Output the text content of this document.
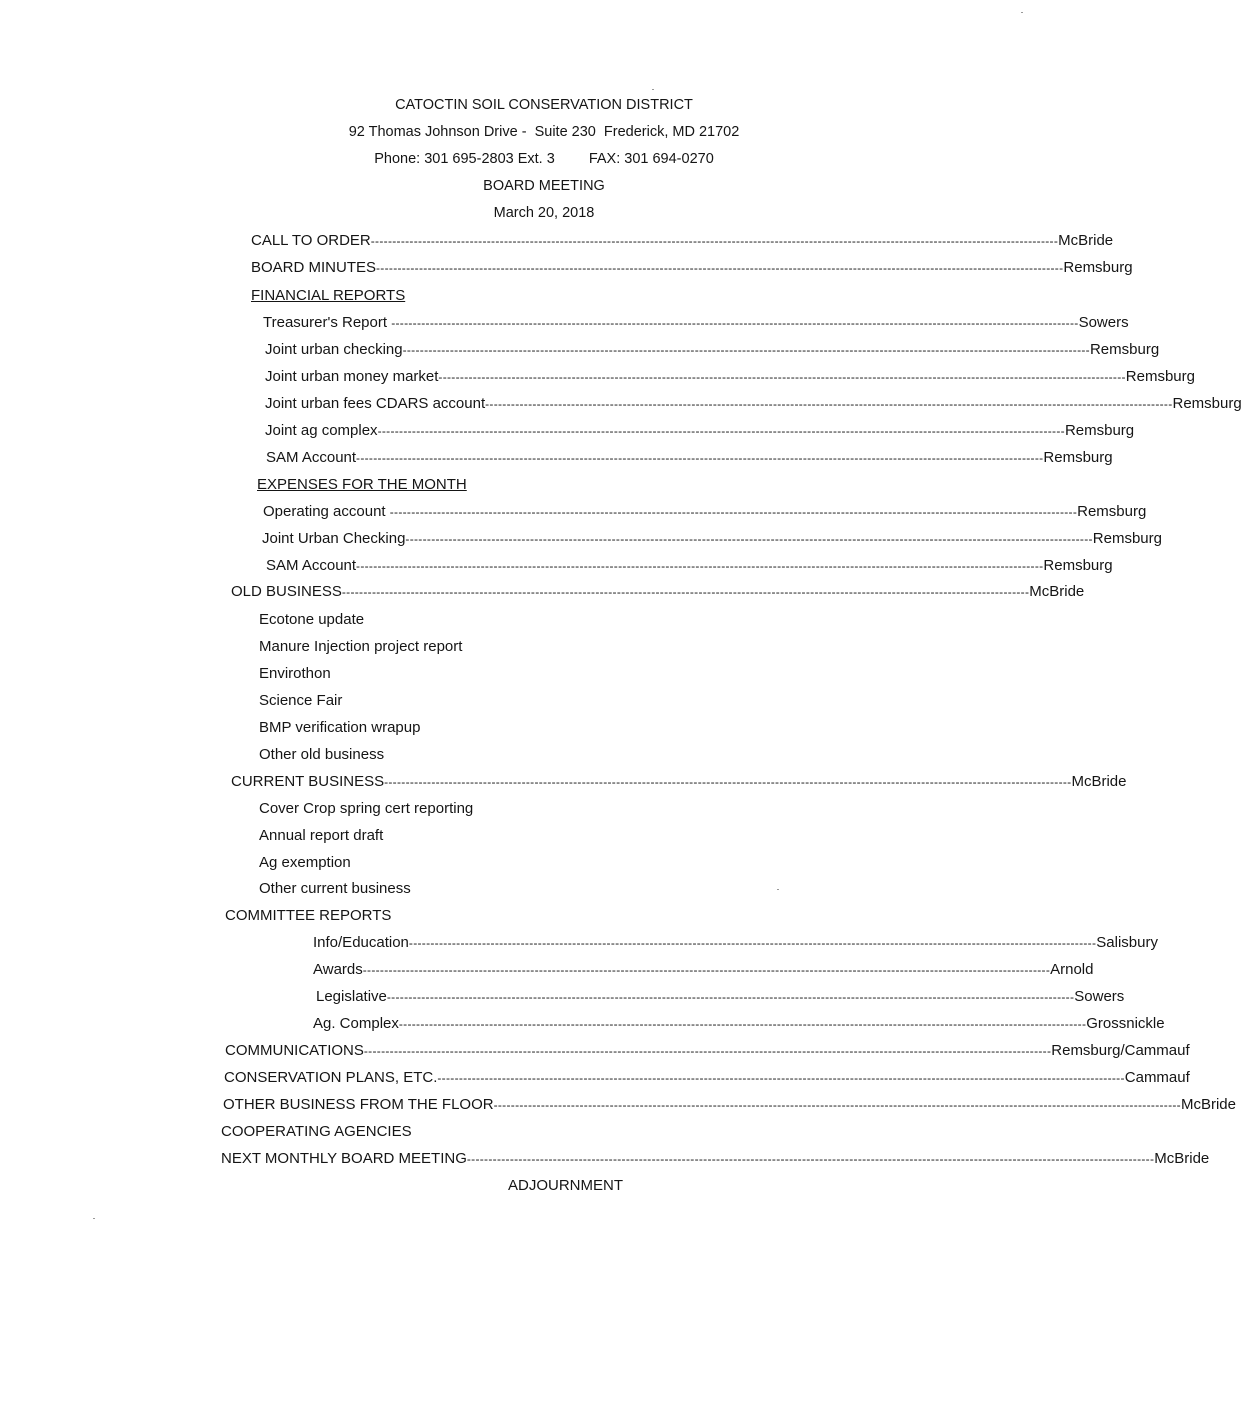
CATOCTIN SOIL CONSERVATION DISTRICT
92 Thomas Johnson Drive -  Suite 230  Frederick, MD 21702
Phone: 301 695-2803 Ext. 3 FAX: 301 694-0270
BOARD MEETING
March 20, 2018
CALL TO ORDER ---------------------------------------------------------------------------------------------------------------------------------------------------------------- McBride
BOARD MINUTES ---------------------------------------------------------------------------------------------------------------------------------------------------------------- Remsburg
FINANCIAL REPORTS
Treasurer's Report ---------------------------------------------------------------------------------------------------------------------------------------------------------------- Sowers
Joint urban checking ---------------------------------------------------------------------------------------------------------------------------------------------------------------- Remsburg
Joint urban money market ---------------------------------------------------------------------------------------------------------------------------------------------------------------- Remsburg
Joint urban fees CDARS account ---------------------------------------------------------------------------------------------------------------------------------------------------------------- Remsburg
Joint ag complex ---------------------------------------------------------------------------------------------------------------------------------------------------------------- Remsburg
SAM Account ---------------------------------------------------------------------------------------------------------------------------------------------------------------- Remsburg
EXPENSES FOR THE MONTH
Operating account ---------------------------------------------------------------------------------------------------------------------------------------------------------------- Remsburg
Joint Urban Checking ---------------------------------------------------------------------------------------------------------------------------------------------------------------- Remsburg
SAM Account ---------------------------------------------------------------------------------------------------------------------------------------------------------------- Remsburg
OLD BUSINESS ---------------------------------------------------------------------------------------------------------------------------------------------------------------- McBride
Ecotone update
Manure Injection project report
Envirothon
Science Fair
BMP verification wrapup
Other old business
CURRENT BUSINESS ---------------------------------------------------------------------------------------------------------------------------------------------------------------- McBride
Cover Crop spring cert reporting
Annual report draft
Ag exemption
Other current business
COMMITTEE REPORTS
Info/Education ---------------------------------------------------------------------------------------------------------------------------------------------------------------- Salisbury
Awards ---------------------------------------------------------------------------------------------------------------------------------------------------------------- Arnold
Legislative ---------------------------------------------------------------------------------------------------------------------------------------------------------------- Sowers
Ag. Complex ---------------------------------------------------------------------------------------------------------------------------------------------------------------- Grossnickle
COMMUNICATIONS ---------------------------------------------------------------------------------------------------------------------------------------------------------------- Remsburg/Cammauf
CONSERVATION PLANS, ETC. ---------------------------------------------------------------------------------------------------------------------------------------------------------------- Cammauf
OTHER BUSINESS FROM THE FLOOR ---------------------------------------------------------------------------------------------------------------------------------------------------------------- McBride
COOPERATING AGENCIES
NEXT MONTHLY BOARD MEETING ---------------------------------------------------------------------------------------------------------------------------------------------------------------- McBride
ADJOURNMENT
